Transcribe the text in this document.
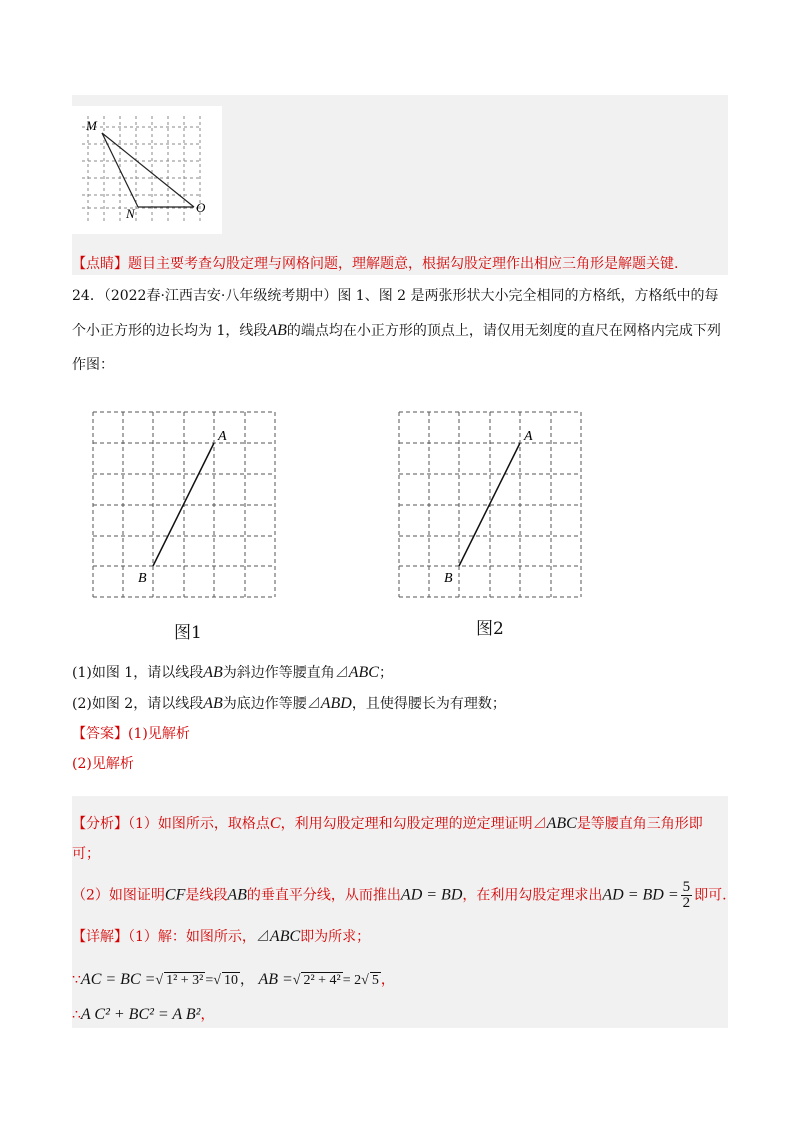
M
N	O
【点睛】题目主要考查勾股定理与网格问题，理解题意，根据勾股定理作出相应三角形是解题关键.
24．（2022春·江西吉安·八年级统考期中）图 1、图 2 是两张形状大小完全相同的方格纸，方格纸中的每
个小正方形的边长均为 1，线段AB的端点均在小正方形的顶点上，请仅用无刻度的直尺在网格内完成下列
作图：
A
B
图1
A
B
图2
(1)如图 1，请以线段AB为斜边作等腰直角⊿ABC；
(2)如图 2，请以线段AB为底边作等腰⊿ABD，且使得腰长为有理数；
【答案】(1)见解析
(2)见解析
【分析】（1）如图所示，取格点C，利用勾股定理和勾股定理的逆定理证明⊿ABC是等腰直角三角形即
可；
（2）如图证明CF是线段AB的垂直平分线，从而推出AD = BD，在利用勾股定理求出AD = BD = $\frac{5}{2}$ 即可.
【详解】（1）解：如图所示，⊿ABC即为所求；
∵AC = BC =√ 1² + 3² =√ 10 ， AB =√ 2² + 4² = 2√ 5 ，
∴A C² + BC² = A B²，
